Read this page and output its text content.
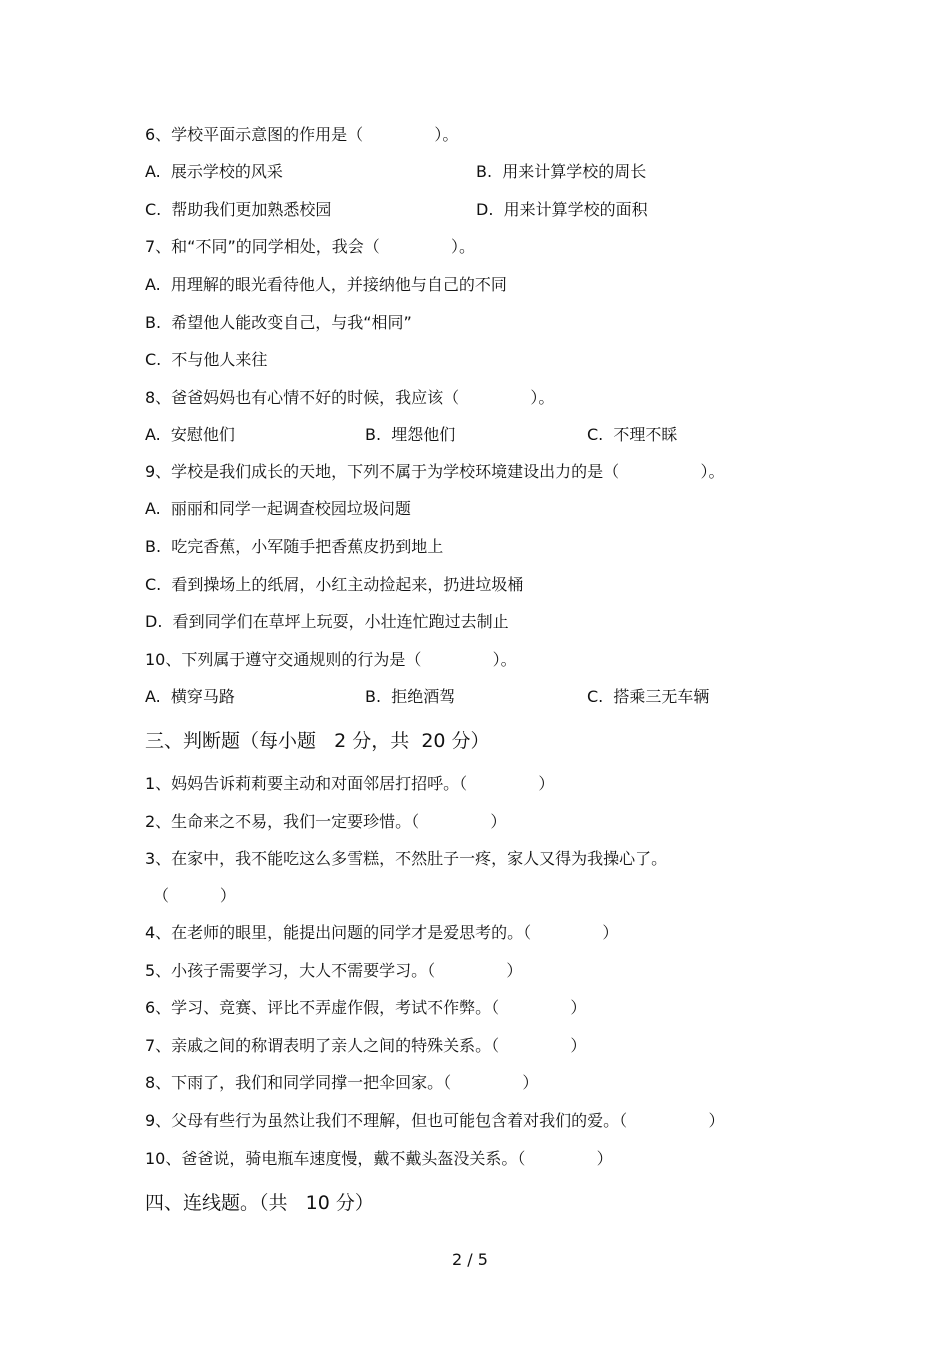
6、学校平面示意图的作用是（              ）。
A.  展示学校的风采	B.  用来计算学校的周长
C.  帮助我们更加熟悉校园	D.  用来计算学校的面积
7、和“不同”的同学相处，我会（              ）。
A.  用理解的眼光看待他人，并接纳他与自己的不同
B.  希望他人能改变自己，与我“相同”
C.  不与他人来往
8、爸爸妈妈也有心情不好的时候，我应该（              ）。
A.  安慰他们	B.  埋怨他们	C.  不理不睬
9、学校是我们成长的天地，下列不属于为学校环境建设出力的是（                ）。
A.  丽丽和同学一起调查校园垃圾问题
B.  吃完香蕉，小军随手把香蕉皮扔到地上
C.  看到操场上的纸屑，小红主动捡起来，扔进垃圾桶
D.  看到同学们在草坪上玩耍，小壮连忙跑过去制止
10、下列属于遵守交通规则的行为是（              ）。
A.  横穿马路	B.  拒绝酒驾	C.  搭乘三无车辆
三、判断题（每小题   2 分，共  20 分）
1、妈妈告诉莉莉要主动和对面邻居打招呼。（              ）
2、生命来之不易，我们一定要珍惜。（              ）
3、在家中，我不能吃这么多雪糕，不然肚子一疼，家人又得为我操心了。
（          ）
4、在老师的眼里，能提出问题的同学才是爱思考的。（              ）
5、小孩子需要学习，大人不需要学习。（              ）
6、学习、竞赛、评比不弄虚作假，考试不作弊。（              ）
7、亲戚之间的称谓表明了亲人之间的特殊关系。（              ）
8、下雨了，我们和同学同撑一把伞回家。（              ）
9、父母有些行为虽然让我们不理解，但也可能包含着对我们的爱。（                ）
10、爸爸说，骑电瓶车速度慢，戴不戴头盔没关系。（              ）
四、连线题。（共   10 分）
2 / 5
